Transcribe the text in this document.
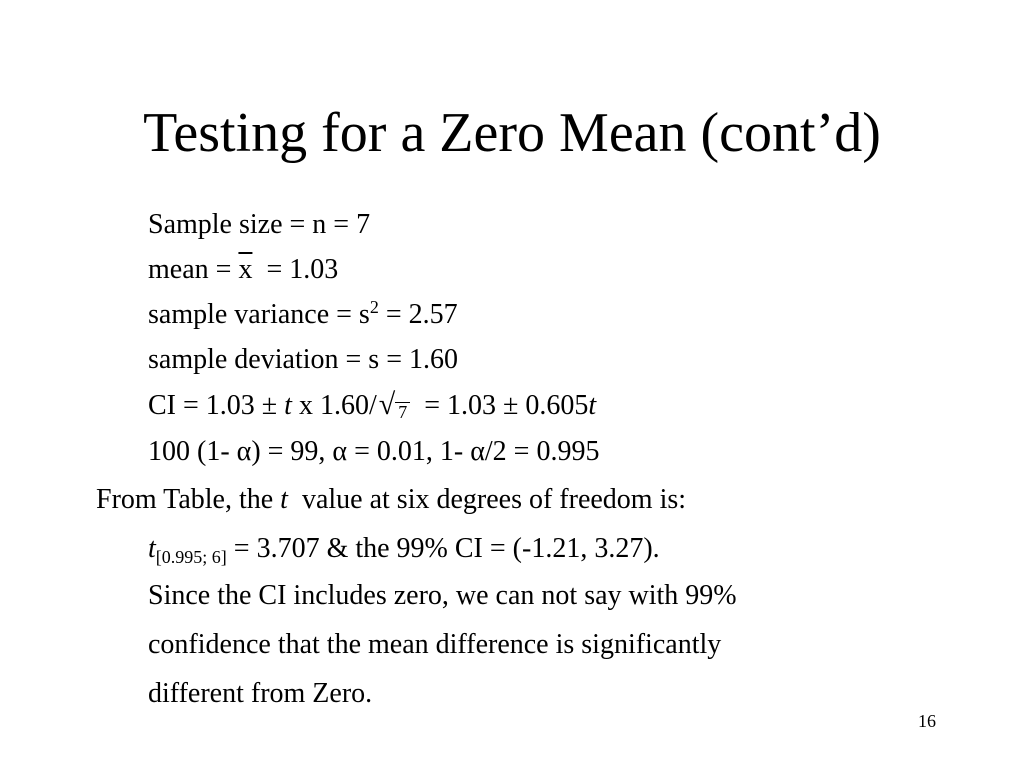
Testing for a Zero Mean (cont’d)
Sample size = n = 7
mean = $\overline{x} = 1.03$
sample variance = $s^2 = 2.57$
sample deviation = s = 1.60
CI = 1.03 ± t x 1.60/√ 7  = 1.03 ± 0.605t
100 (1- α) = 99, α = 0.01, 1- α/2 = 0.995
From Table, the t  value at six degrees of freedom is:
$t_{[0.995; 6]} = 3.707$ & the 99% CI = (-1.21, 3.27).
Since the CI includes zero, we can not say with 99%
confidence that the mean difference is significantly
different from Zero.
16
